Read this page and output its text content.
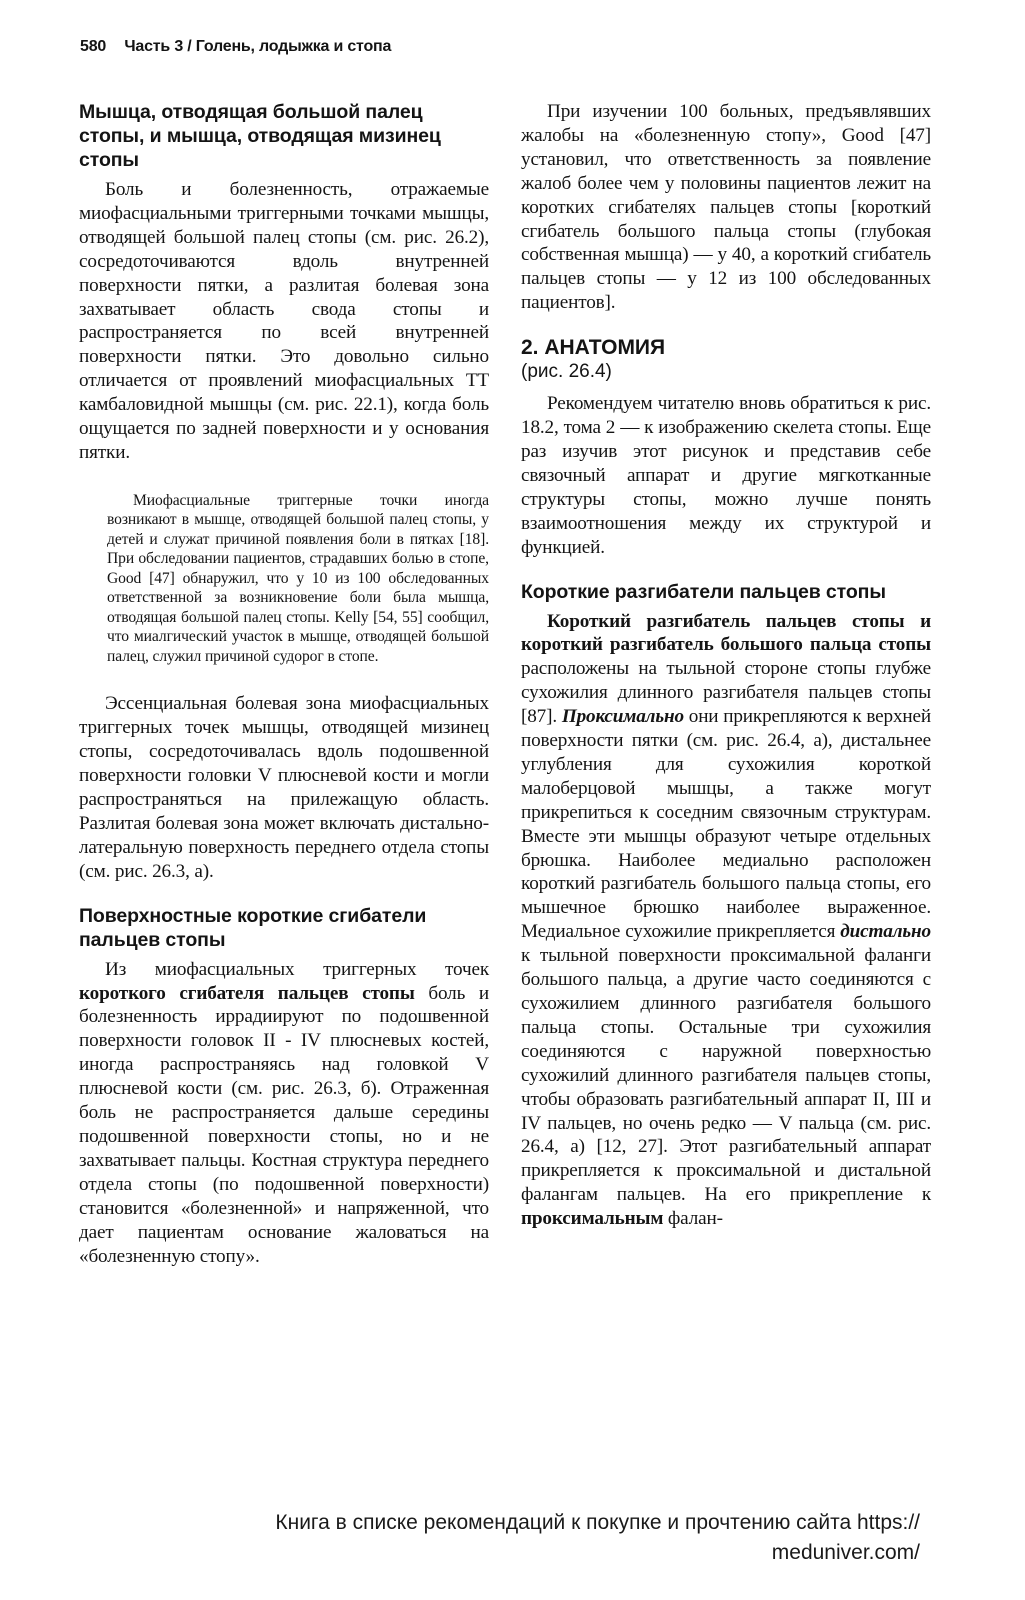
580 Часть 3 / Голень, лодыжка и стопа
Мышца, отводящая большой палец стопы, и мышца, отводящая мизинец стопы

Боль и болезненность, отражаемые миофасциальными триггерными точками мышцы, отводящей большой палец стопы (см. рис. 26.2), сосредоточиваются вдоль внутренней поверхности пятки, а разлитая болевая зона захватывает область свода стопы и распространяется по всей внутренней поверхности пятки. Это довольно сильно отличается от проявлений миофасциальных ТТ камбаловидной мышцы (см. рис. 22.1), когда боль ощущается по задней поверхности и у основания пятки.

Миофасциальные триггерные точки иногда возникают в мышце, отводящей большой палец стопы, у детей и служат причиной появления боли в пятках [18]. При обследовании пациентов, страдавших болью в стопе, Good [47] обнаружил, что у 10 из 100 обследованных ответственной за возникновение боли была мышца, отводящая большой палец стопы. Kelly [54, 55] сообщил, что миалгический участок в мышце, отводящей большой палец, служил причиной судорог в стопе.

Эссенциальная болевая зона миофасциальных триггерных точек мышцы, отводящей мизинец стопы, сосредоточивалась вдоль подошвенной поверхности головки V плюсневой кости и могли распространяться на прилежащую область. Разлитая болевая зона может включать дистально-латеральную поверхность переднего отдела стопы (см. рис. 26.3, а).

Поверхностные короткие сгибатели пальцев стопы

Из миофасциальных триггерных точек короткого сгибателя пальцев стопы боль и болезненность иррадиируют по подошвенной поверхности головок II - IV плюсневых костей, иногда распространяясь над головкой V плюсневой кости (см. рис. 26.3, б). Отраженная боль не распространяется дальше середины подошвенной поверхности стопы, но и не захватывает пальцы. Костная структура переднего отдела стопы (по подошвенной поверхности) становится «болезненной» и напряженной, что дает пациентам основание жаловаться на «болезненную стопу».

При изучении 100 больных, предъявлявших жалобы на «болезненную стопу», Good [47] установил, что ответственность за появление жалоб более чем у половины пациентов лежит на коротких сгибателях пальцев стопы [короткий сгибатель большого пальца стопы (глубокая собственная мышца) — у 40, а короткий сгибатель пальцев стопы — у 12 из 100 обследованных пациентов].

2. АНАТОМИЯ
(рис. 26.4)

Рекомендуем читателю вновь обратиться к рис. 18.2, тома 2 — к изображению скелета стопы. Еще раз изучив этот рисунок и представив себе связочный аппарат и другие мягкотканные структуры стопы, можно лучше понять взаимоотношения между их структурой и функцией.

Короткие разгибатели пальцев стопы

Короткий разгибатель пальцев стопы и короткий разгибатель большого пальца стопы расположены на тыльной стороне стопы глубже сухожилия длинного разгибателя пальцев стопы [87]. Проксимально они прикрепляются к верхней поверхности пятки (см. рис. 26.4, а), дистальнее углубления для сухожилия короткой малоберцовой мышцы, а также могут прикрепиться к соседним связочным структурам. Вместе эти мышцы образуют четыре отдельных брюшка. Наиболее медиально расположен короткий разгибатель большого пальца стопы, его мышечное брюшко наиболее выраженное. Медиальное сухожилие прикрепляется дистально к тыльной поверхности проксимальной фаланги большого пальца, а другие часто соединяются с сухожилием длинного разгибателя большого пальца стопы. Остальные три сухожилия соединяются с наружной поверхностью сухожилий длинного разгибателя пальцев стопы, чтобы образовать разгибательный аппарат II, III и IV пальцев, но очень редко — V пальца (см. рис. 26.4, а) [12, 27]. Этот разгибательный аппарат прикрепляется к проксимальной и дистальной фалангам пальцев. На его прикрепление к проксимальным фалан-

Книга в списке рекомендаций к покупке и прочтению сайта https://
meduniver.com/
